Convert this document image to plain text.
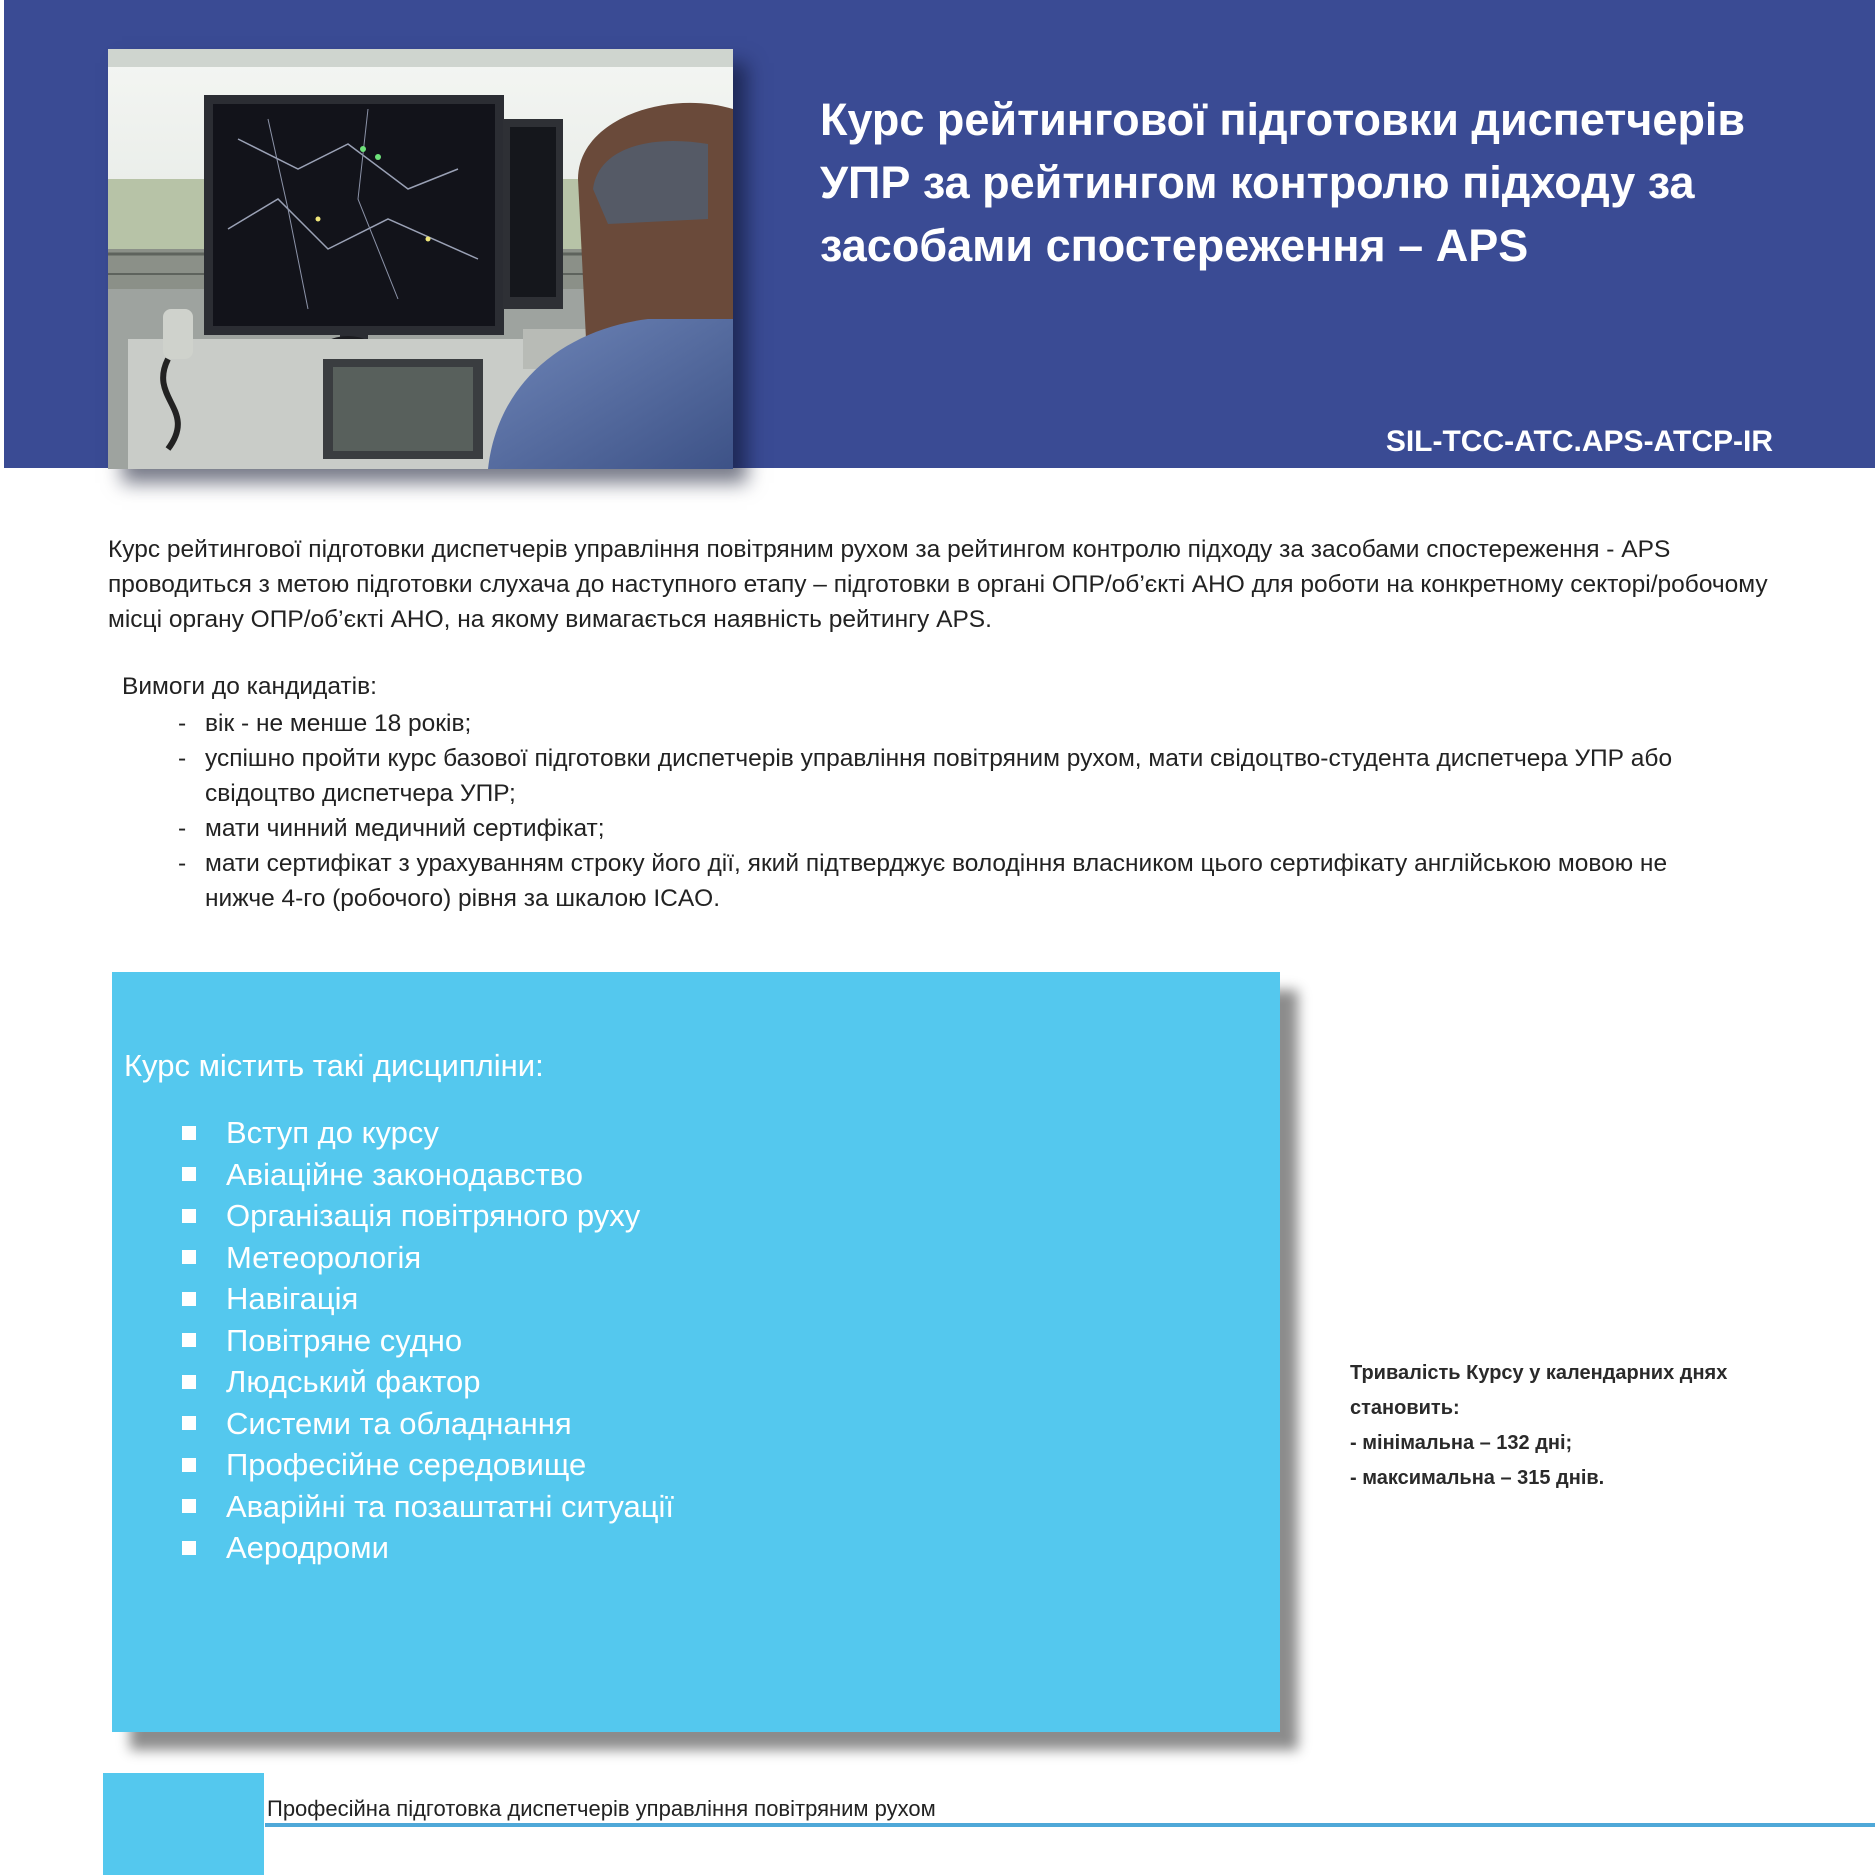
Курс рейтингової підготовки диспетчерів
УПР за рейтингом контролю підходу за
засобами спостереження – APS
SIL-TCC-ATC.APS-ATCP-IR

Курс рейтингової підготовки диспетчерів управління повітряним рухом за рейтингом контролю підходу за засобами спостереження - APS проводиться з метою підготовки слухача до наступного етапу – підготовки в органі ОПР/об’єкті АНО для роботи на конкретному секторі/робочому місці органу ОПР/об’єкті АНО, на якому вимагається наявність рейтингу APS.

Вимоги до кандидатів:

- вік - не менше 18 років;
- успішно пройти курс базової підготовки диспетчерів управління повітряним рухом, мати свідоцтво-студента диспетчера УПР або свідоцтво диспетчера УПР;
- мати чинний медичний сертифікат;
- мати сертифікат з урахуванням строку його дії, який підтверджує володіння власником цього сертифікату англійською мовою не нижче 4-го (робочого) рівня за шкалою ICAO.
Курс містить такі дисципліни:
Вступ до курсу
Авіаційне законодавство
Організація повітряного руху
Метеорологія
Навігація
Повітряне судно
Людський фактор
Системи та обладнання
Професійне середовище
Аварійні та позаштатні ситуації
Аеродроми
Тривалість Курсу у календарних днях
становить:
- мінімальна – 132 дні;
- максимальна – 315 днів.
Професійна підготовка диспетчерів управління повітряним рухом
